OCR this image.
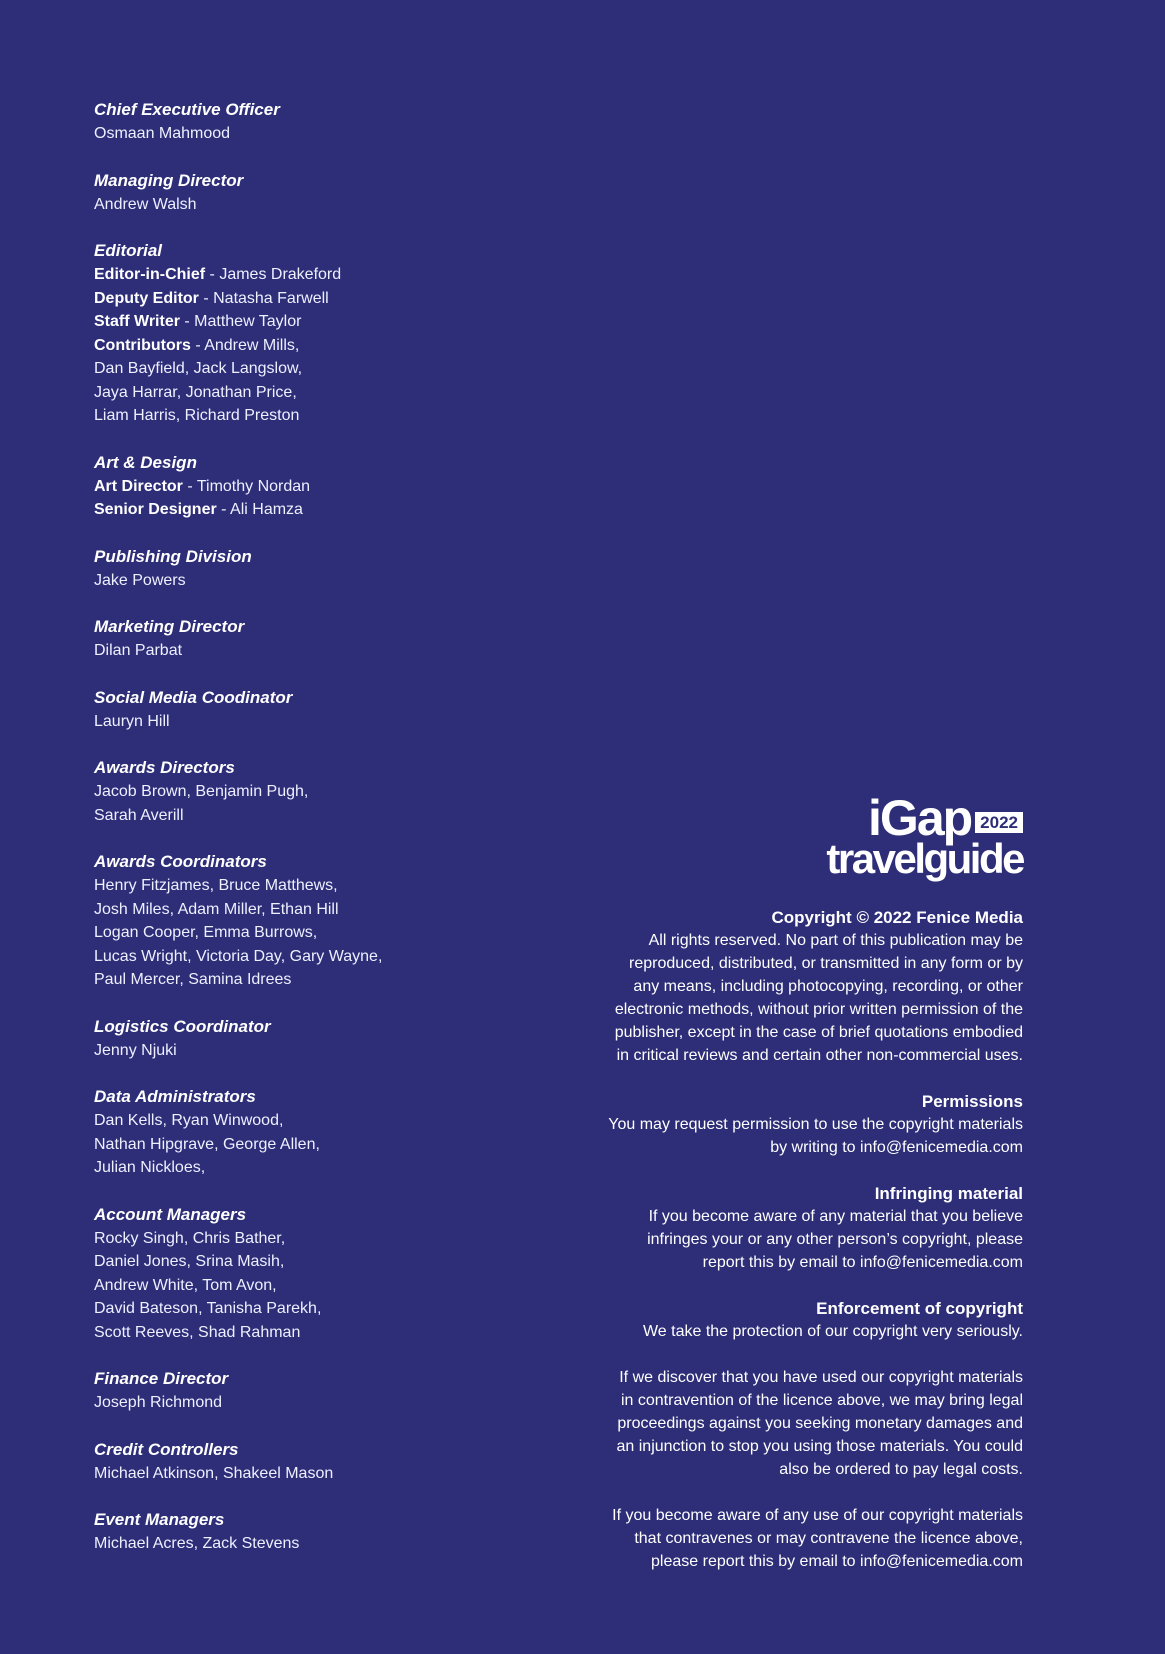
Chief Executive Officer
Osmaan Mahmood
Managing Director
Andrew Walsh
Editorial
Editor-in-Chief - James Drakeford
Deputy Editor - Natasha Farwell
Staff Writer - Matthew Taylor
Contributors - Andrew Mills,
Dan Bayfield, Jack Langslow,
Jaya Harrar, Jonathan Price,
Liam Harris, Richard Preston
Art & Design
Art Director - Timothy Nordan
Senior Designer - Ali Hamza
Publishing Division
Jake Powers
Marketing Director
Dilan Parbat
Social Media Coodinator
Lauryn Hill
Awards Directors
Jacob Brown, Benjamin Pugh,
Sarah Averill
Awards Coordinators
Henry Fitzjames, Bruce Matthews,
Josh Miles, Adam Miller, Ethan Hill
Logan Cooper, Emma Burrows,
Lucas Wright, Victoria Day, Gary Wayne,
Paul Mercer, Samina Idrees
Logistics Coordinator
Jenny Njuki
Data Administrators
Dan Kells, Ryan Winwood,
Nathan Hipgrave, George Allen,
Julian Nickloes,
Account Managers
Rocky Singh, Chris Bather,
Daniel Jones, Srina Masih,
Andrew White, Tom Avon,
David Bateson, Tanisha Parekh,
Scott Reeves, Shad Rahman
Finance Director
Joseph Richmond
Credit Controllers
Michael Atkinson, Shakeel Mason
Event Managers
Michael Acres, Zack Stevens
iGap 2022
travelguide
Copyright © 2022 Fenice Media
All rights reserved. No part of this publication may be
reproduced, distributed, or transmitted in any form or by
any means, including photocopying, recording, or other
electronic methods, without prior written permission of the
publisher, except in the case of brief quotations embodied
in critical reviews and certain other non-commercial uses.
Permissions
You may request permission to use the copyright materials
by writing to info@fenicemedia.com
Infringing material
If you become aware of any material that you believe
infringes your or any other person’s copyright, please
report this by email to info@fenicemedia.com
Enforcement of copyright
We take the protection of our copyright very seriously.
If we discover that you have used our copyright materials
in contravention of the licence above, we may bring legal
proceedings against you seeking monetary damages and
an injunction to stop you using those materials. You could
also be ordered to pay legal costs.
If you become aware of any use of our copyright materials
that contravenes or may contravene the licence above,
please report this by email to info@fenicemedia.com
